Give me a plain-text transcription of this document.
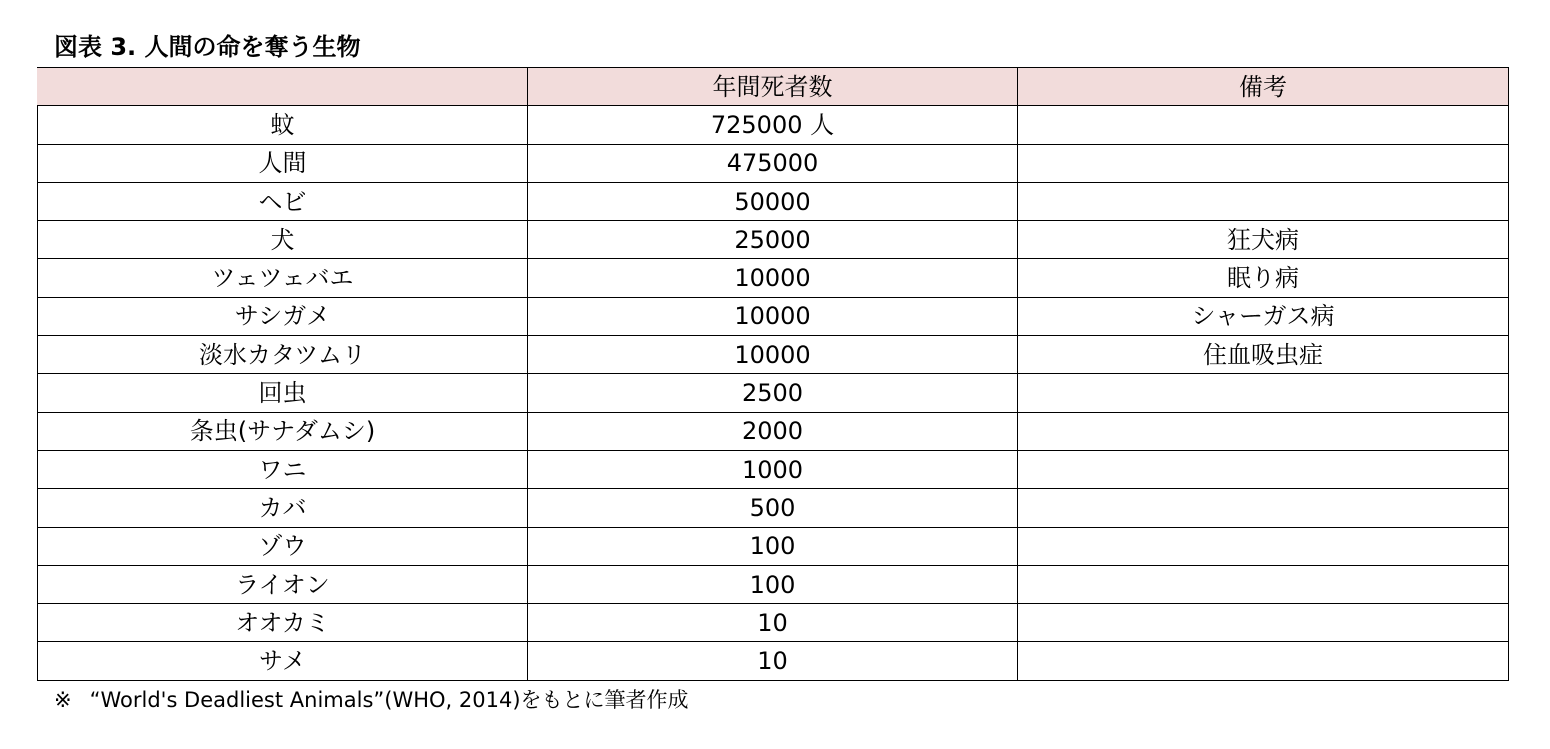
図表 3. 人間の命を奪う生物
	年間死者数	備考
蚊	725000 人	
人間	475000	
ヘビ	50000	
犬	25000	狂犬病
ツェツェバエ	10000	眠り病
サシガメ	10000	シャーガス病
淡水カタツムリ	10000	住血吸虫症
回虫	2500	
条虫(サナダムシ)	2000	
ワニ	1000	
カバ	500	
ゾウ	100	
ライオン	100	
オオカミ	10	
サメ	10	
※ “World's Deadliest Animals”(WHO, 2014)をもとに筆者作成
